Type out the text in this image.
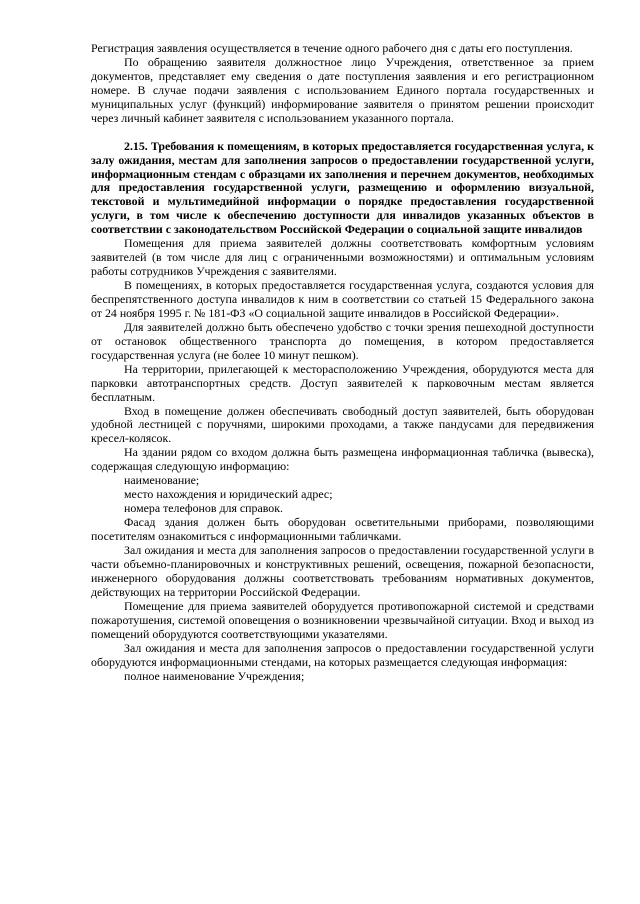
Регистрация заявления осуществляется в течение одного рабочего дня с даты его поступления.

По обращению заявителя должностное лицо Учреждения, ответственное за прием документов, представляет ему сведения о дате поступления заявления и его регистрационном номере. В случае подачи заявления с использованием Единого портала государственных и муниципальных услуг (функций) информирование заявителя о принятом решении происходит через личный кабинет заявителя с использованием указанного портала.

2.15. Требования к помещениям, в которых предоставляется государственная услуга, к залу ожидания, местам для заполнения запросов о предоставлении государственной услуги, информационным стендам с образцами их заполнения и перечнем документов, необходимых для предоставления государственной услуги, размещению и оформлению визуальной, текстовой и мультимедийной информации о порядке предоставления государственной услуги, в том числе к обеспечению доступности для инвалидов указанных объектов в соответствии с законодательством Российской Федерации о социальной защите инвалидов

Помещения для приема заявителей должны соответствовать комфортным условиям заявителей (в том числе для лиц с ограниченными возможностями) и оптимальным условиям работы сотрудников Учреждения с заявителями.

В помещениях, в которых предоставляется государственная услуга, создаются условия для беспрепятственного доступа инвалидов к ним в соответствии со статьей 15 Федерального закона от 24 ноября 1995 г. № 181-ФЗ «О социальной защите инвалидов в Российской Федерации».

Для заявителей должно быть обеспечено удобство с точки зрения пешеходной доступности от остановок общественного транспорта до помещения, в котором предоставляется государственная услуга (не более 10 минут пешком).

На территории, прилегающей к месторасположению Учреждения, оборудуются места для парковки автотранспортных средств. Доступ заявителей к парковочным местам является бесплатным.

Вход в помещение должен обеспечивать свободный доступ заявителей, быть оборудован удобной лестницей с поручнями, широкими проходами, а также пандусами для передвижения кресел-колясок.

На здании рядом со входом должна быть размещена информационная табличка (вывеска), содержащая следующую информацию:

наименование;

место нахождения и юридический адрес;

номера телефонов для справок.

Фасад здания должен быть оборудован осветительными приборами, позволяющими посетителям ознакомиться с информационными табличками.

Зал ожидания и места для заполнения запросов о предоставлении государственной услуги в части объемно-планировочных и конструктивных решений, освещения, пожарной безопасности, инженерного оборудования должны соответствовать требованиям нормативных документов, действующих на территории Российской Федерации.

Помещение для приема заявителей оборудуется противопожарной системой и средствами пожаротушения, системой оповещения о возникновении чрезвычайной ситуации. Вход и выход из помещений оборудуются соответствующими указателями.

Зал ожидания и места для заполнения запросов о предоставлении государственной услуги оборудуются информационными стендами, на которых размещается следующая информация:

полное наименование Учреждения;
